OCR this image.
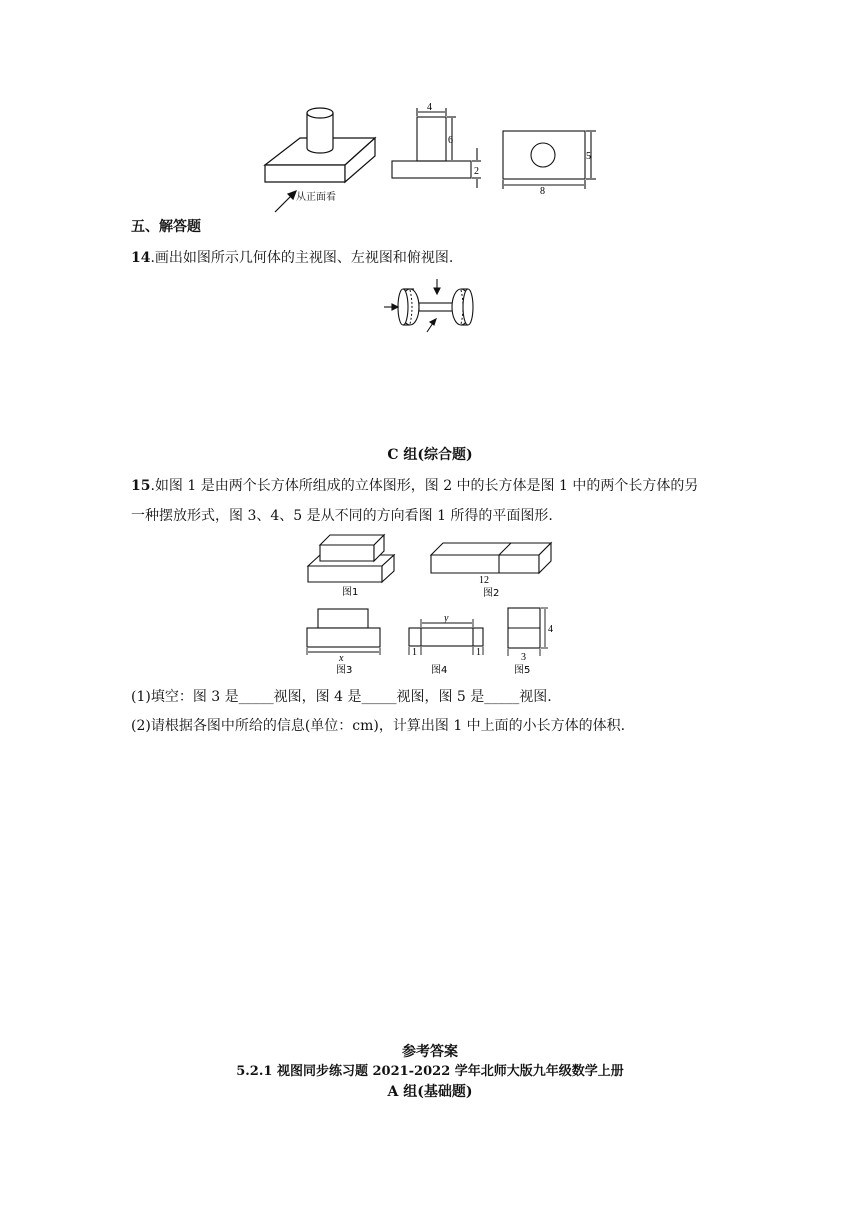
从正面看
4
6
2
5
8
五、解答题
14.画出如图所示几何体的主视图、左视图和俯视图.
C 组(综合题)
15.如图 1 是由两个长方体所组成的立体图形，图 2 中的长方体是图 1 中的两个长方体的另
一种摆放形式，图 3、4、5 是从不同的方向看图 1 所得的平面图形.
图1
12
图2
x
图3
y
1	1
图4
4
3
图5
(1)填空：图 3 是_____视图，图 4 是_____视图，图 5 是_____视图.
(2)请根据各图中所给的信息(单位：cm)，计算出图 1 中上面的小长方体的体积.
参考答案
5.2.1 视图同步练习题 2021-2022 学年北师大版九年级数学上册
A 组(基础题)
